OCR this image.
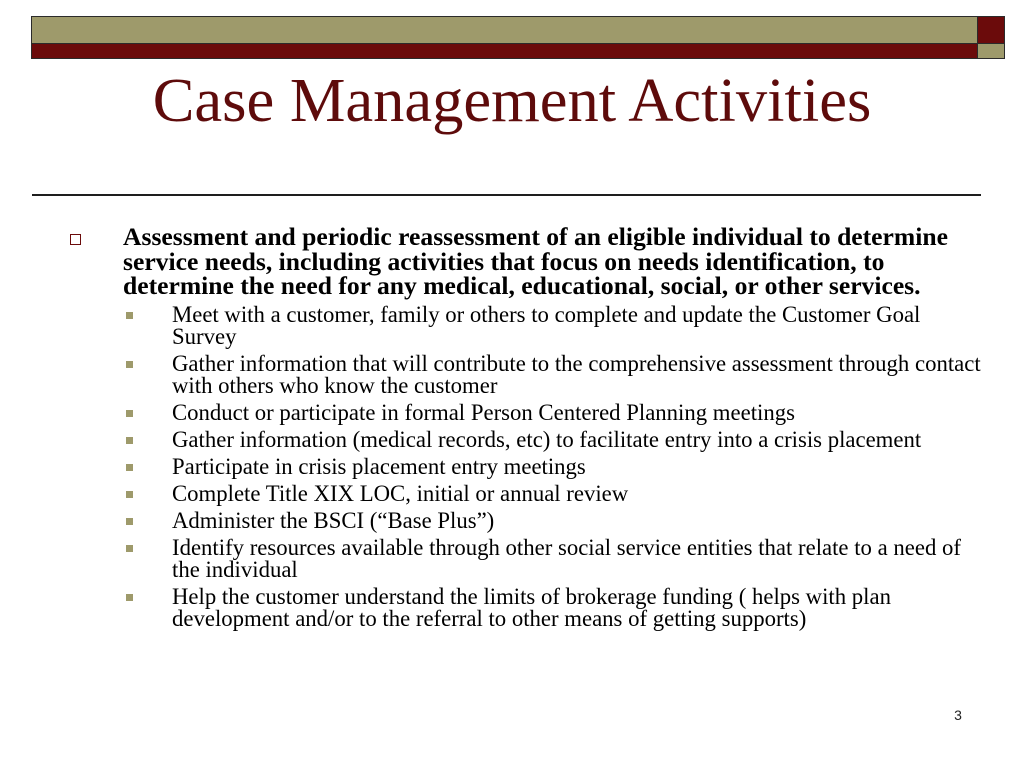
Case Management Activities

Assessment and periodic reassessment of an eligible individual to determine service needs, including activities that focus on needs identification, to determine the need for any medical, educational, social, or other services.

Meet with a customer, family or others to complete and update the Customer Goal Survey
Gather information that will contribute to the comprehensive assessment through contact with others who know the customer
Conduct or participate in formal Person Centered Planning meetings
Gather information (medical records, etc) to facilitate entry into a crisis placement
Participate in crisis placement entry meetings
Complete Title XIX LOC, initial or annual review
Administer the BSCI (“Base Plus”)
Identify resources available through other social service entities that relate to a need of the individual
Help the customer understand the limits of brokerage funding ( helps with plan development and/or to the referral to other means of getting supports)
3
